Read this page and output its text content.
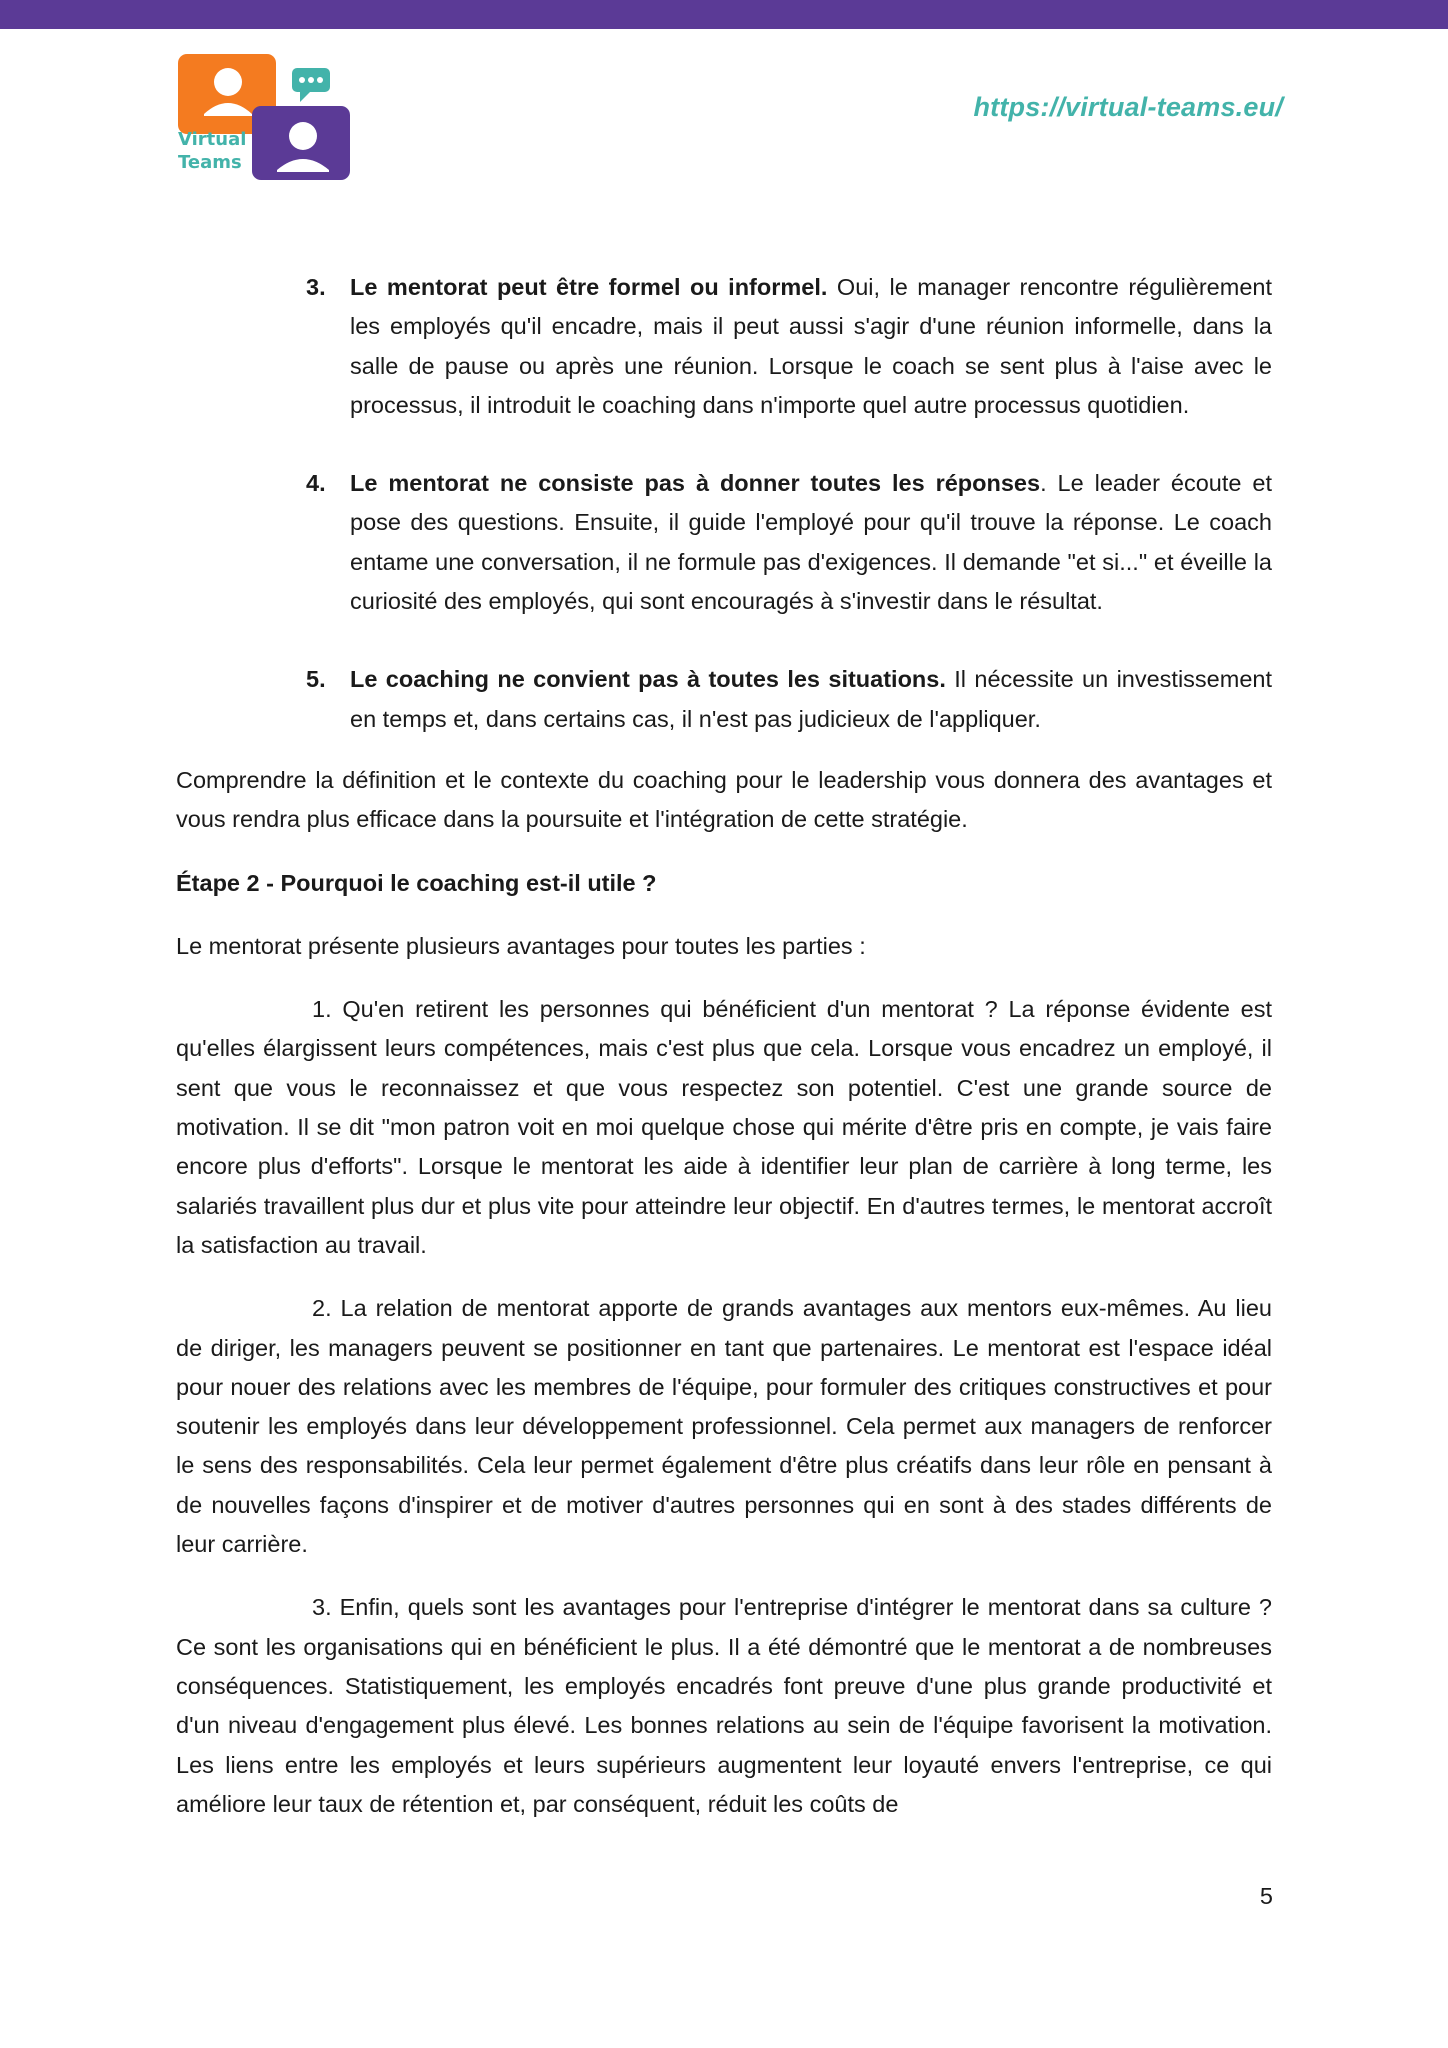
Virtual
Teams
https://virtual-teams.eu/
3. Le mentorat peut être formel ou informel. Oui, le manager rencontre régulièrement les employés qu'il encadre, mais il peut aussi s'agir d'une réunion informelle, dans la salle de pause ou après une réunion. Lorsque le coach se sent plus à l'aise avec le processus, il introduit le coaching dans n'importe quel autre processus quotidien.
4. Le mentorat ne consiste pas à donner toutes les réponses. Le leader écoute et pose des questions. Ensuite, il guide l'employé pour qu'il trouve la réponse. Le coach entame une conversation, il ne formule pas d'exigences. Il demande "et si..." et éveille la curiosité des employés, qui sont encouragés à s'investir dans le résultat.
5. Le coaching ne convient pas à toutes les situations. Il nécessite un investissement en temps et, dans certains cas, il n'est pas judicieux de l'appliquer.

Comprendre la définition et le contexte du coaching pour le leadership vous donnera des avantages et vous rendra plus efficace dans la poursuite et l'intégration de cette stratégie.

Étape 2 - Pourquoi le coaching est-il utile ?

Le mentorat présente plusieurs avantages pour toutes les parties :

1. Qu'en retirent les personnes qui bénéficient d'un mentorat ? La réponse évidente est qu'elles élargissent leurs compétences, mais c'est plus que cela. Lorsque vous encadrez un employé, il sent que vous le reconnaissez et que vous respectez son potentiel. C'est une grande source de motivation. Il se dit "mon patron voit en moi quelque chose qui mérite d'être pris en compte, je vais faire encore plus d'efforts". Lorsque le mentorat les aide à identifier leur plan de carrière à long terme, les salariés travaillent plus dur et plus vite pour atteindre leur objectif. En d'autres termes, le mentorat accroît la satisfaction au travail.

2. La relation de mentorat apporte de grands avantages aux mentors eux-mêmes. Au lieu de diriger, les managers peuvent se positionner en tant que partenaires. Le mentorat est l'espace idéal pour nouer des relations avec les membres de l'équipe, pour formuler des critiques constructives et pour soutenir les employés dans leur développement professionnel. Cela permet aux managers de renforcer le sens des responsabilités. Cela leur permet également d'être plus créatifs dans leur rôle en pensant à de nouvelles façons d'inspirer et de motiver d'autres personnes qui en sont à des stades différents de leur carrière.

3. Enfin, quels sont les avantages pour l'entreprise d'intégrer le mentorat dans sa culture ? Ce sont les organisations qui en bénéficient le plus. Il a été démontré que le mentorat a de nombreuses conséquences. Statistiquement, les employés encadrés font preuve d'une plus grande productivité et d'un niveau d'engagement plus élevé. Les bonnes relations au sein de l'équipe favorisent la motivation. Les liens entre les employés et leurs supérieurs augmentent leur loyauté envers l'entreprise, ce qui améliore leur taux de rétention et, par conséquent, réduit les coûts de

5
